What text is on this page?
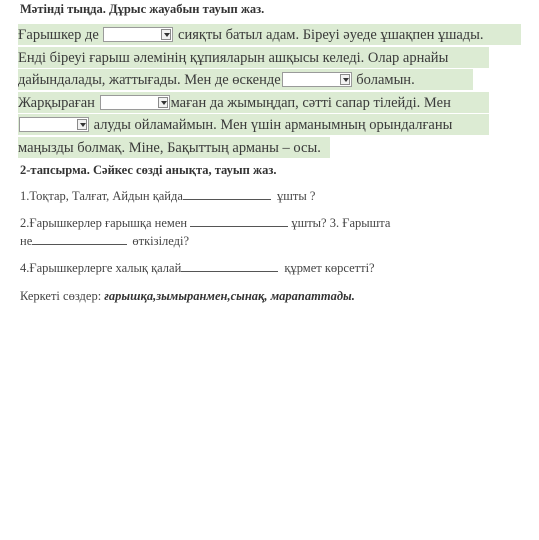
Мәтінді тыңда. Дұрыс жауабын тауып жаз.
Ғарышкер де	сияқты батыл адам. Біреуі әуеде ұшақпен ұшады.
Енді біреуі ғарыш әлемінің құпияларын ашқысы келеді. Олар арнайы
дайындалады, жаттығады. Мен де өскенде	боламын.
Жарқыраған	маған да жымыңдап, сәтті сапар тілейді. Мен
алуды ойламаймын. Мен үшін арманымның орындалғаны
маңызды болмақ. Міне, Бақыттың арманы – осы.
2-тапсырма. Сәйкес сөзді анықта, тауып жаз.
1.Тоқтар, Талғат, Айдын қайда	ұшты ?
2.Ғарышкерлер ғарышқа немен	ұшты? 3. Ғарышта
не	өткізіледі?
4.Ғарышкерлерге халық қалай	құрмет көрсетті?
Керкеті сөздер: ғарышқа,зымыранмен,сынақ, марапаттады.
